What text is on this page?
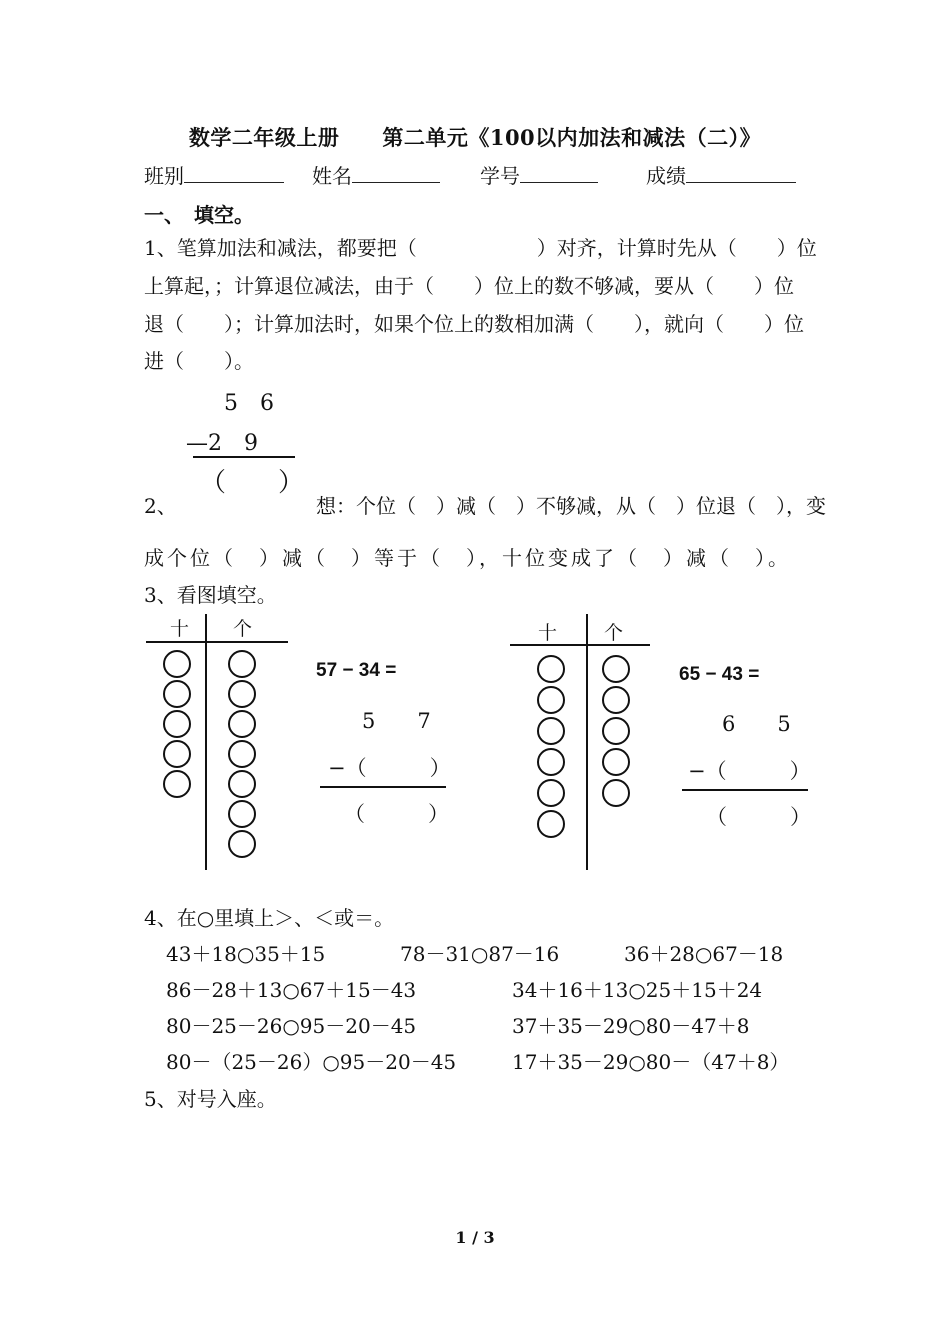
数学二年级上册　　第二单元《100以内加法和减法（二）》
班别	姓名	学号	成绩
一、　填空。
1、笔算加法和减法，都要把（　　　　　　）对齐，计算时先从（　　）位
上算起，；计算退位减法，由于（　　）位上的数不够减，要从（　　）位
退（　　）；计算加法时，如果个位上的数相加满（　　），就向（　　）位
进（　　）。
5　6
—2　9
（　　）
2、	想：个位（　）减（　）不够减，从（　）位退（　），变
成个位（　）减（　）等于（　），十位变成了（　）减（　）。
3、看图填空。
十 个
57 − 34 =
5　　7
−（　　　）
（　　　）
十 个
65 − 43 =
6　　5
−（　　　）
（　　　）
4、在○里填上＞、＜或＝。
43＋18○35＋15	78－31○87－16	36＋28○67－18
86－28＋13○67＋15－43	34＋16＋13○25＋15＋24
80－25－26○95－20－45	37＋35－29○80－47＋8
80－（25－26）○95－20－45	17＋35－29○80－（47＋8）
5、对号入座。
1 / 3
